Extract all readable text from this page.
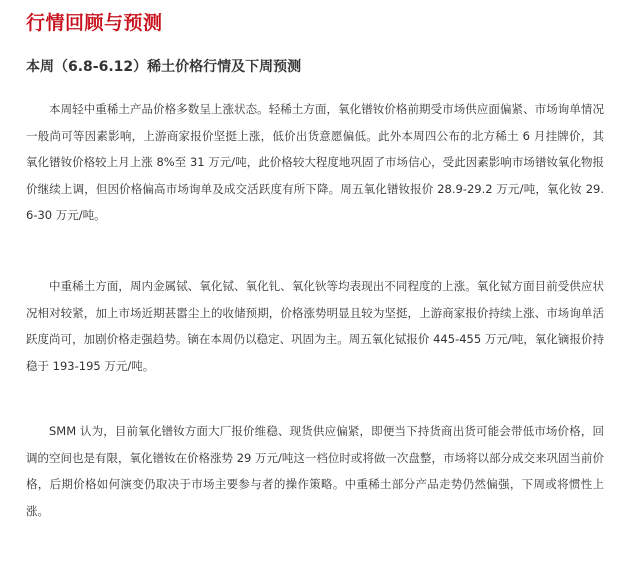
行情回顾与预测
本周（6.8-6.12）稀土价格行情及下周预测

本周轻中重稀土产品价格多数呈上涨状态。轻稀土方面，氧化镨钕价格前期受市场供应面偏紧、市场询单情况一般尚可等因素影响，上游商家报价坚挺上涨，低价出货意愿偏低。此外本周四公布的北方稀土 6 月挂牌价，其氧化镨钕价格较上月上涨 8%至 31 万元/吨，此价格较大程度地巩固了市场信心，受此因素影响市场镨钕氧化物报价继续上调，但因价格偏高市场询单及成交活跃度有所下降。周五氧化镨钕报价 28.9-29.2 万元/吨，氧化钕 29.6-30 万元/吨。

中重稀土方面，周内金属铽、氧化铽、氧化钆、氧化钬等均表现出不同程度的上涨。氧化铽方面目前受供应状况相对较紧，加上市场近期甚嚣尘上的收储预期，价格涨势明显且较为坚挺，上游商家报价持续上涨、市场询单活跃度尚可，加剧价格走强趋势。镝在本周仍以稳定、巩固为主。周五氧化铽报价 445-455 万元/吨，氧化镝报价持稳于 193-195 万元/吨。

SMM 认为，目前氧化镨钕方面大厂报价维稳、现货供应偏紧，即便当下持货商出货可能会带低市场价格，回调的空间也是有限，氧化镨钕在价格涨势 29 万元/吨这一档位时或将做一次盘整，市场将以部分成交来巩固当前价格，后期价格如何演变仍取决于市场主要参与者的操作策略。中重稀土部分产品走势仍然偏强，下周或将惯性上涨。
